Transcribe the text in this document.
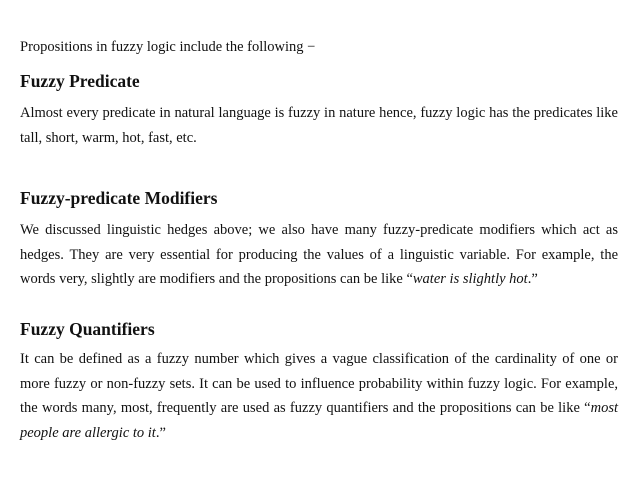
Propositions in fuzzy logic include the following −
Fuzzy Predicate
Almost every predicate in natural language is fuzzy in nature hence, fuzzy logic has the predicates like tall, short, warm, hot, fast, etc.
Fuzzy-predicate Modifiers
We discussed linguistic hedges above; we also have many fuzzy-predicate modifiers which act as hedges. They are very essential for producing the values of a linguistic variable. For example, the words very, slightly are modifiers and the propositions can be like “water is slightly hot.”
Fuzzy Quantifiers
It can be defined as a fuzzy number which gives a vague classification of the cardinality of one or more fuzzy or non-fuzzy sets. It can be used to influence probability within fuzzy logic. For example, the words many, most, frequently are used as fuzzy quantifiers and the propositions can be like “most people are allergic to it.”
